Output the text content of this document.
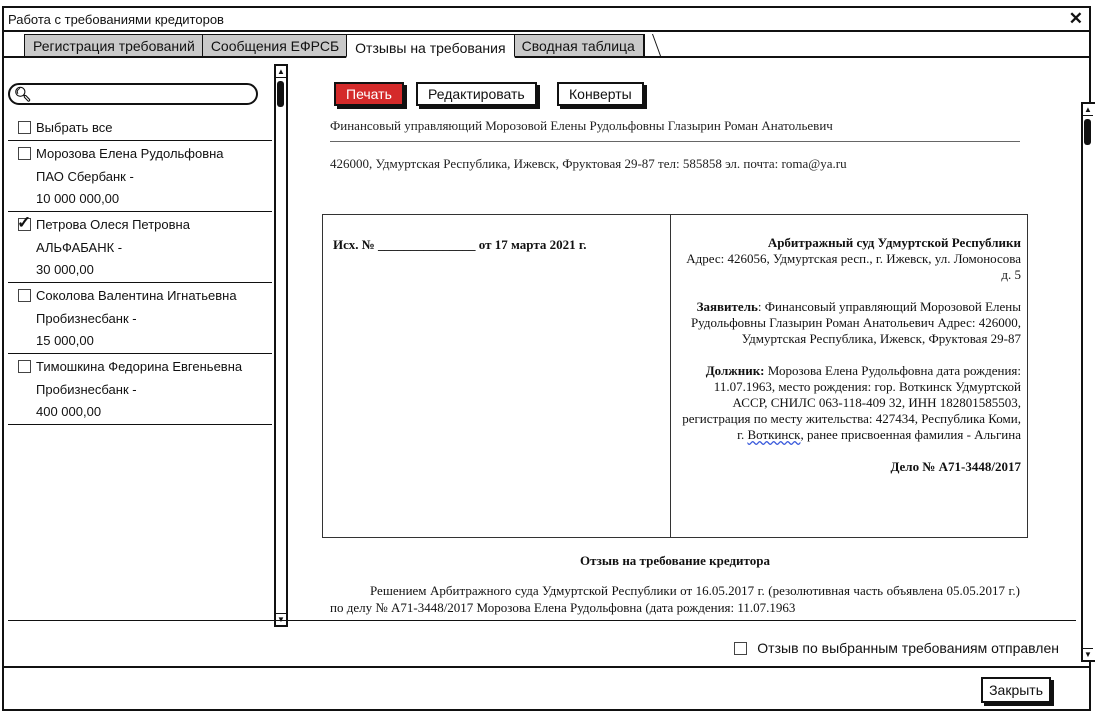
Работа с требованиями кредиторов	✕
Регистрация требований	Сообщения ЕФРСБ	Отзывы на требования	Сводная таблица
🔍︎
Выбрать все
Морозова Елена Рудольфовна
ПАО Сбербанк -
10 000 000,00
✓ Петрова Олеся Петровна
АЛЬФАБАНК -
30 000,00
Соколова Валентина Игнатьевна
Пробизнесбанк -
15 000,00
Тимошкина Федорина Евгеньевна
Пробизнесбанк -
400 000,00
▲
▼
Печать	Редактировать	Конверты
Финансовый управляющий Морозовой Елены Рудольфовны Глазырин Роман Анатольевич
426000, Удмуртская Республика, Ижевск, Фруктовая 29-87 тел: 585858 эл. почта: roma@ya.ru
Исх. № _______________ от 17 марта 2021 г.	Арбитражный суд Удмуртской Республики
Адрес: 426056, Удмуртская респ., г. Ижевск, ул. Ломоносова д. 5

Заявитель: Финансовый управляющий Морозовой Елены Рудольфовны Глазырин Роман Анатольевич Адрес: 426000, Удмуртская Республика, Ижевск, Фруктовая 29-87

Должник: Морозова Елена Рудольфовна дата рождения: 11.07.1963, место рождения: гор. Воткинск Удмуртской АССР, СНИЛС 063-118-409 32, ИНН 182801585503, регистрация по месту жительства: 427434, Республика Коми, г. Воткинск, ранее присвоенная фамилия - Альгина

Дело № А71-3448/2017

Отзыв на требование кредитора
Решением Арбитражного суда Удмуртской Республики от 16.05.2017 г. (резолютивная часть объявлена 05.05.2017 г.) по делу № А71-3448/2017 Морозова Елена Рудольфовна (дата рождения: 11.07.1963
▲
▼
Отзыв по выбранным требованиям отправлен
Закрыть
